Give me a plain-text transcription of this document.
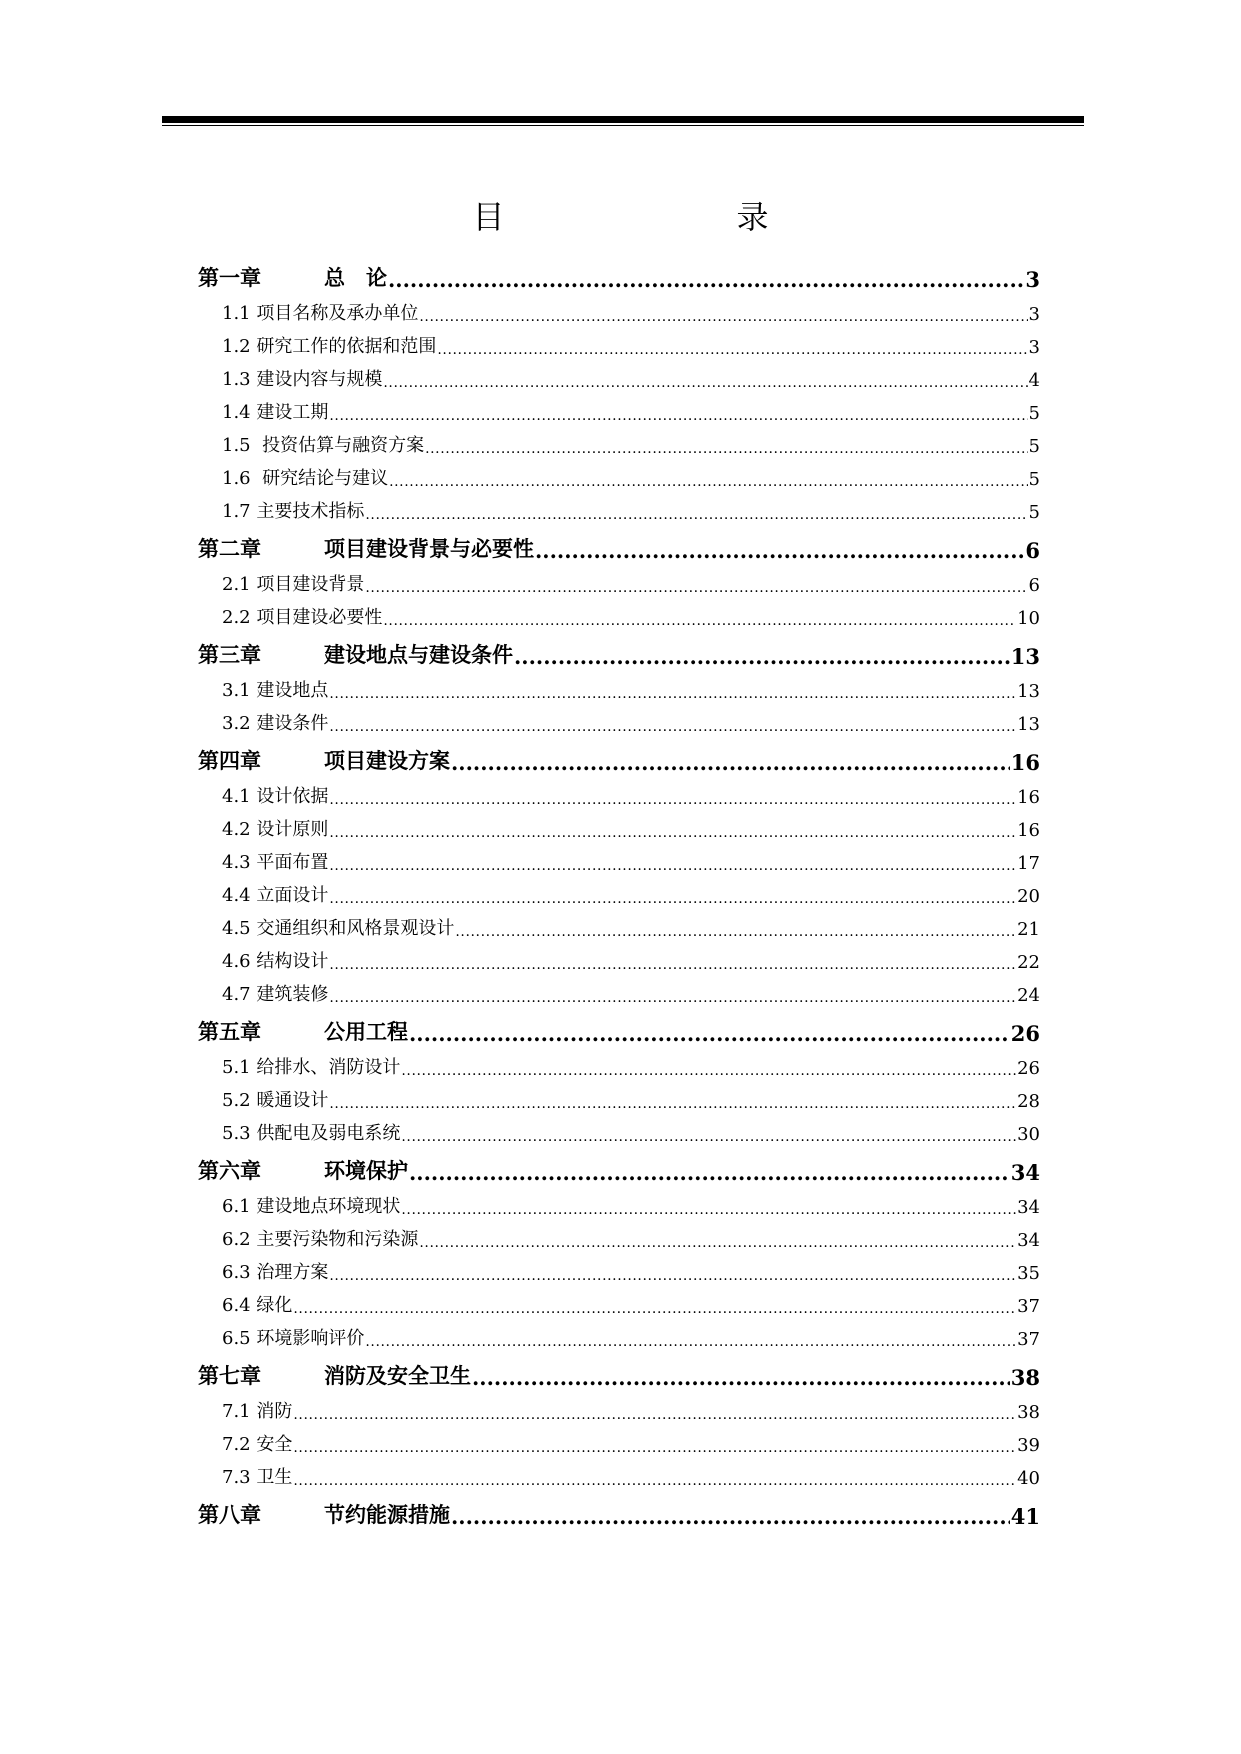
目　　录
第一章	总　论 .....	3
1.1 项目名称及承办单位 .....	3
1.2 研究工作的依据和范围 .....	3
1.3 建设内容与规模 .....	4
1.4 建设工期 .....	5
1.5  投资估算与融资方案 .....	5
1.6  研究结论与建议 .....	5
1.7 主要技术指标 .....	5
第二章	项目建设背景与必要性 .....	6
2.1 项目建设背景 .....	6
2.2 项目建设必要性 .....	10
第三章	建设地点与建设条件 .....	13
3.1 建设地点 .....	13
3.2 建设条件 .....	13
第四章	项目建设方案 .....	16
4.1 设计依据 .....	16
4.2 设计原则 .....	16
4.3 平面布置 .....	17
4.4 立面设计 .....	20
4.5 交通组织和风格景观设计 .....	21
4.6 结构设计 .....	22
4.7 建筑装修 .....	24
第五章	公用工程 .....	26
5.1 给排水、消防设计 .....	26
5.2 暖通设计 .....	28
5.3 供配电及弱电系统 .....	30
第六章	环境保护 .....	34
6.1 建设地点环境现状 .....	34
6.2 主要污染物和污染源 .....	34
6.3 治理方案 .....	35
6.4 绿化 .....	37
6.5 环境影响评价 .....	37
第七章	消防及安全卫生 .....	38
7.1 消防 .....	38
7.2 安全 .....	39
7.3 卫生 .....	40
第八章	节约能源措施 .....	41
